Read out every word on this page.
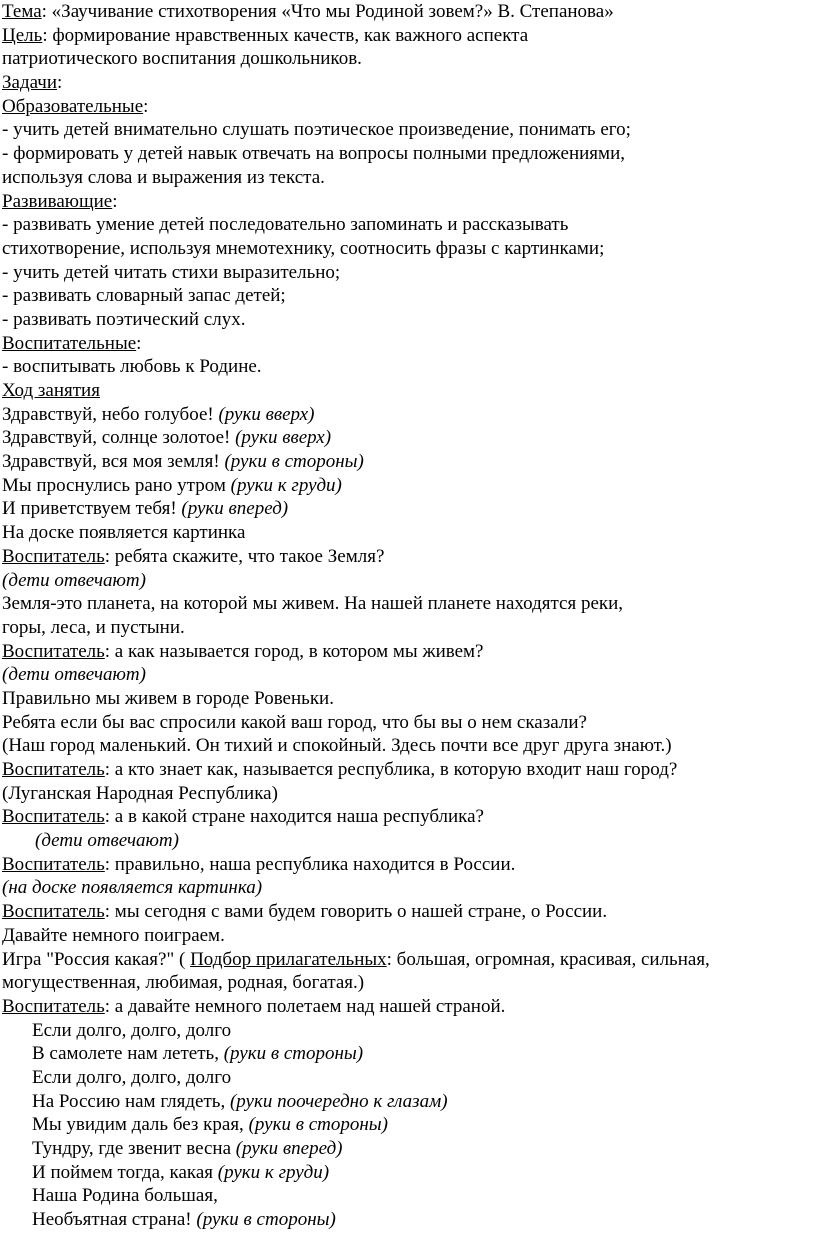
Тема: «Заучивание стихотворения «Что мы Родиной зовем?» В. Степанова»
Цель: формирование нравственных качеств, как важного аспекта
патриотического воспитания дошкольников.
Задачи:
Образовательные:
- учить детей внимательно слушать поэтическое произведение, понимать его;
- формировать у детей навык отвечать на вопросы полными предложениями,
используя слова и выражения из текста.
Развивающие:
- развивать умение детей последовательно запоминать и рассказывать
стихотворение, используя мнемотехнику, соотносить фразы с картинками;
- учить детей читать стихи выразительно;
- развивать словарный запас детей;
- развивать поэтический слух.
Воспитательные:
- воспитывать любовь к Родине.
Ход занятия
Здравствуй, небо голубое! (руки вверх)
Здравствуй, солнце золотое! (руки вверх)
Здравствуй, вся моя земля! (руки в стороны)
Мы проснулись рано утром (руки к груди)
И приветствуем тебя! (руки вперед)
На доске появляется картинка
Воспитатель: ребята скажите, что такое Земля?
(дети отвечают)
Земля-это планета, на которой мы живем. На нашей планете находятся реки,
горы, леса, и пустыни.
Воспитатель: а как называется город, в котором мы живем?
(дети отвечают)
Правильно мы живем в городе Ровеньки.
Ребята если бы вас спросили какой ваш город, что бы вы о нем сказали?
(Наш город маленький. Он тихий и спокойный. Здесь почти все друг друга знают.)
Воспитатель: а кто знает как, называется республика, в которую входит наш город?
(Луганская Народная Республика)
Воспитатель: а в какой стране находится наша республика?
(дети отвечают)
Воспитатель: правильно, наша республика находится в России.
(на доске появляется картинка)
Воспитатель: мы сегодня с вами будем говорить о нашей стране, о России.
Давайте немного поиграем.
Игра "Россия какая?" ( Подбор прилагательных: большая, огромная, красивая, сильная,
могущественная, любимая, родная, богатая.)
Воспитатель: а давайте немного полетаем над нашей страной.
Если долго, долго, долго
В самолете нам лететь, (руки в стороны)
Если долго, долго, долго
На Россию нам глядеть, (руки поочередно к глазам)
Мы увидим даль без края, (руки в стороны)
Тундру, где звенит весна (руки вперед)
И поймем тогда, какая (руки к груди)
Наша Родина большая,
Необъятная страна! (руки в стороны)
